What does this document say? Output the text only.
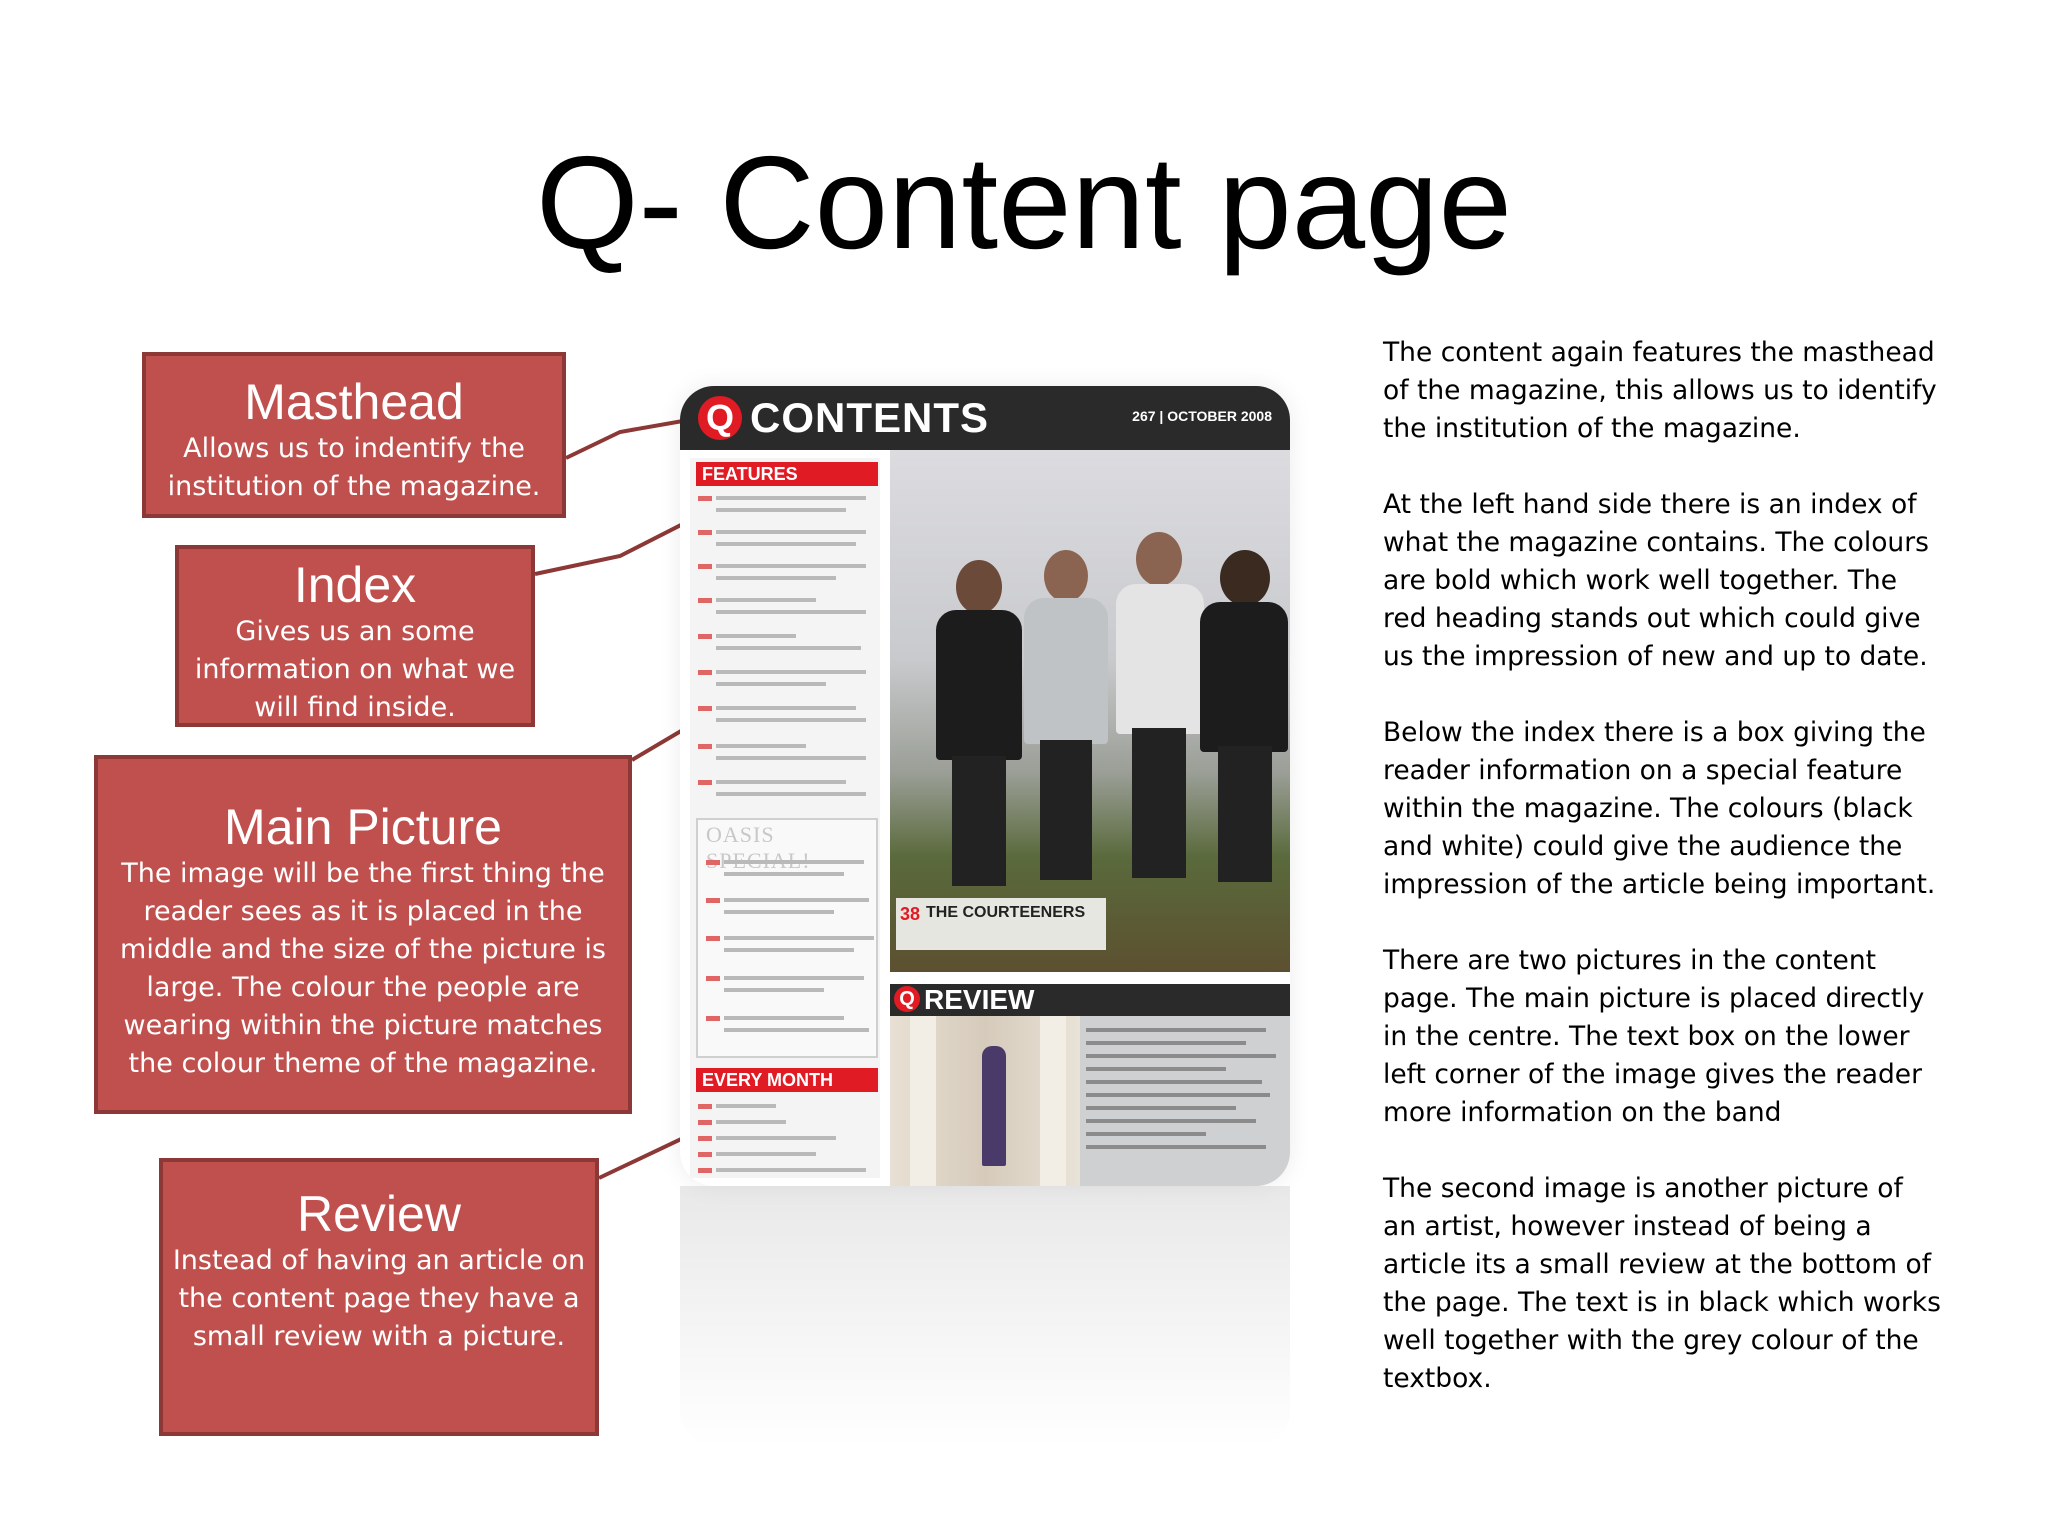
Q- Content page
Masthead

Allows us to indentify the institution of the magazine.

Index

Gives us an some information on what we will find inside.

Main Picture

The image will be the first thing the reader sees as it is placed in the middle and the size of the picture is large. The colour the people are wearing within the picture matches the colour theme of the magazine.

Review

Instead of having an article on the content page they have a small review with a picture.

Q CONTENTS	267 | OCTOBER 2008
FEATURES
OASIS
EVERY MONTH
38 THE COURTEENERS
Q REVIEW

The content again features the masthead of the magazine, this allows us to identify the institution of the magazine.

At the left hand side there is an index of what the magazine contains. The colours are bold which work well together. The red heading stands out which could give us the impression of new and up to date.

Below the index there is a box giving the reader information on a special feature within the magazine. The colours (black and white) could give the audience the impression of the article being important.

There are two pictures in the content page. The main picture is placed directly in the centre. The text box on the lower left corner of the image gives the reader more information on the band

The second image is another picture of an artist, however instead of being a article its a small review at the bottom of the page. The text is in black which works well together with the grey colour of the textbox.
